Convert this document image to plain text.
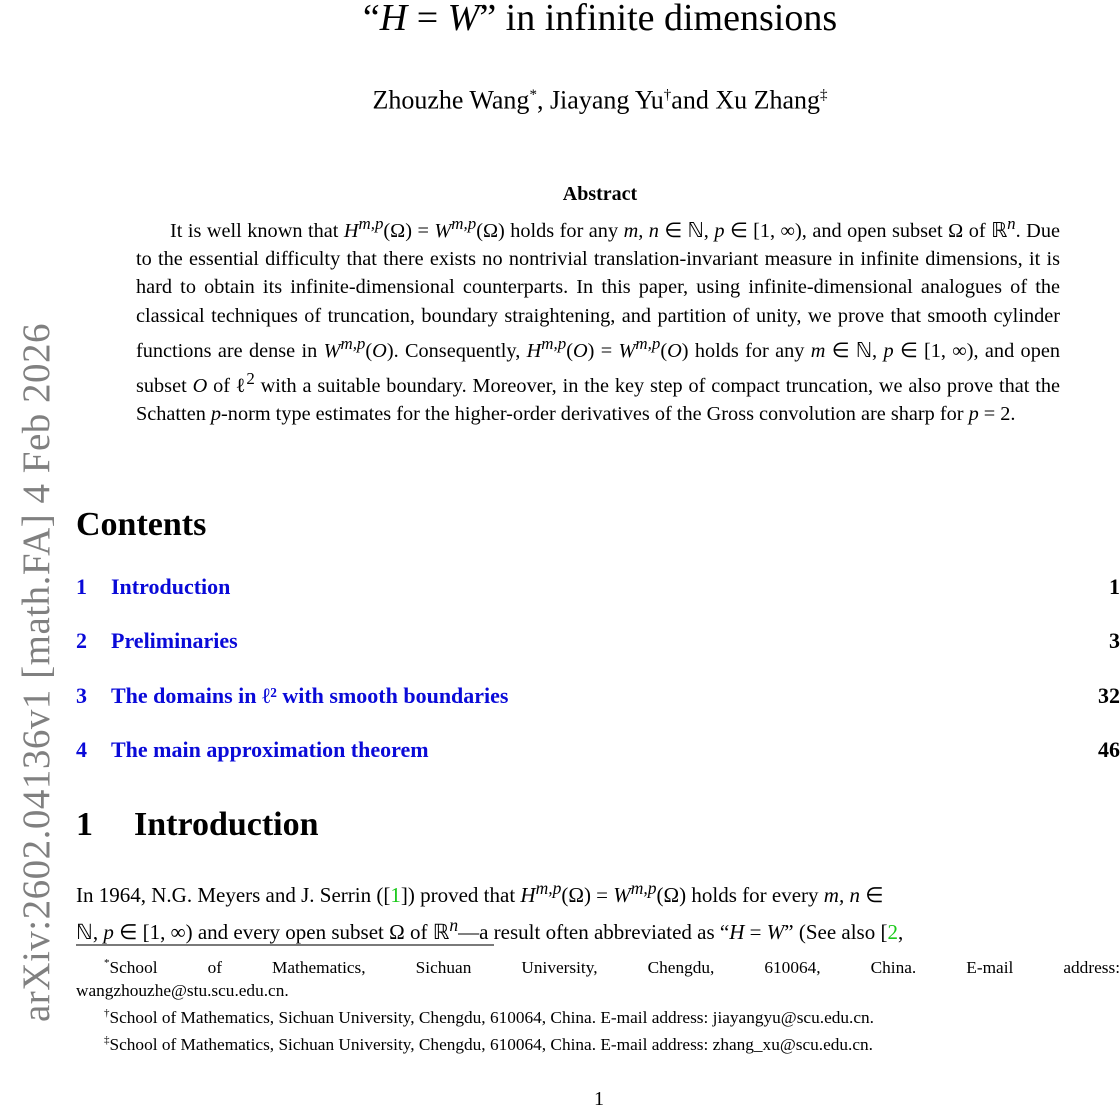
arXiv:2602.04136v1 [math.FA] 4 Feb 2026
“H = W” in infinite dimensions
Zhouzhe Wang*, Jiayang Yu†and Xu Zhang‡
Abstract
It is well known that H$^{m,p}$(Ω) = W$^{m,p}$(Ω) holds for any m, n ∈ ℕ, p ∈ [1, ∞), and open subset Ω of ℝ$^n$. Due to the essential difficulty that there exists no nontrivial translation-invariant measure in infinite dimensions, it is hard to obtain its infinite-dimensional counterparts. In this paper, using infinite-dimensional analogues of the classical techniques of truncation, boundary straightening, and partition of unity, we prove that smooth cylinder functions are dense in W$^{m,p}$(O). Consequently, H$^{m,p}$(O) = W$^{m,p}$(O) holds for any m ∈ ℕ, p ∈ [1, ∞), and open subset O of ℓ$^2$ with a suitable boundary. Moreover, in the key step of compact truncation, we also prove that the Schatten p-norm type estimates for the higher-order derivatives of the Gross convolution are sharp for p = 2.
Contents
1 Introduction	1
2 Preliminaries	3
3 The domains in ℓ² with smooth boundaries	32
4 The main approximation theorem	46
1 Introduction
In 1964, N.G. Meyers and J. Serrin ([1]) proved that H$^{m,p}$(Ω) = W$^{m,p}$(Ω) holds for every m, n ∈
ℕ, p ∈ [1, ∞) and every open subset Ω of ℝ$^n$—a result often abbreviated as “H = W” (See also [2,
*School of Mathematics, Sichuan University, Chengdu, 610064, China. E-mail address:
wangzhouzhe@stu.scu.edu.cn.
†School of Mathematics, Sichuan University, Chengdu, 610064, China. E-mail address: jiayangyu@scu.edu.cn.
‡School of Mathematics, Sichuan University, Chengdu, 610064, China. E-mail address: zhang_xu@scu.edu.cn.
1
